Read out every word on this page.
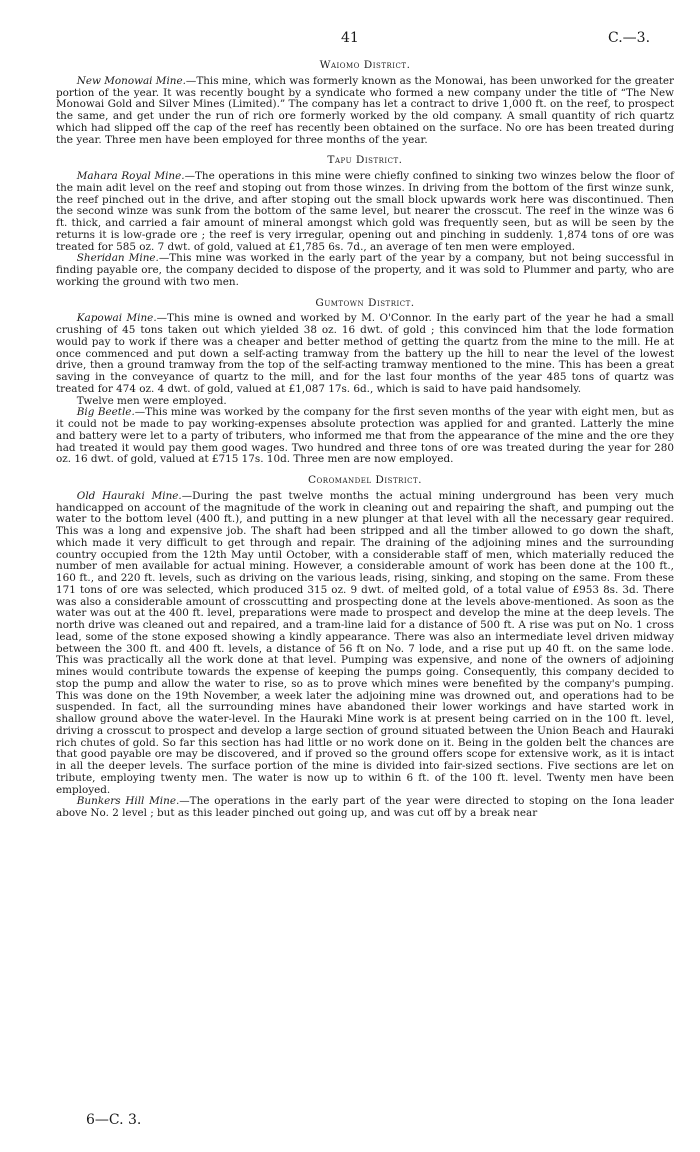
41	C.—3.
Waiomo District.

New Monowai Mine.—This mine, which was formerly known as the Monowai, has been unworked for the greater portion of the year. It was recently bought by a syndicate who formed a new company under the title of “The New Monowai Gold and Silver Mines (Limited).” The company has let a contract to drive 1,000 ft. on the reef, to prospect the same, and get under the run of rich ore formerly worked by the old company. A small quantity of rich quartz which had slipped off the cap of the reef has recently been obtained on the surface. No ore has been treated during the year. Three men have been employed for three months of the year.

Tapu District.

Mahara Royal Mine.—The operations in this mine were chiefly confined to sinking two winzes below the floor of the main adit level on the reef and stoping out from those winzes. In driving from the bottom of the first winze sunk, the reef pinched out in the drive, and after stoping out the small block upwards work here was discontinued. Then the second winze was sunk from the bottom of the same level, but nearer the crosscut. The reef in the winze was 6 ft. thick, and carried a fair amount of mineral amongst which gold was frequently seen, but as will be seen by the returns it is low-grade ore ; the reef is very irregular, opening out and pinching in suddenly. 1,874 tons of ore was treated for 585 oz. 7 dwt. of gold, valued at £1,785 6s. 7d., an average of ten men were employed.

Sheridan Mine.—This mine was worked in the early part of the year by a company, but not being successful in finding payable ore, the company decided to dispose of the property, and it was sold to Plummer and party, who are working the ground with two men.

Gumtown District.

Kapowai Mine.—This mine is owned and worked by M. O'Connor. In the early part of the year he had a small crushing of 45 tons taken out which yielded 38 oz. 16 dwt. of gold ; this convinced him that the lode formation would pay to work if there was a cheaper and better method of getting the quartz from the mine to the mill. He at once commenced and put down a self-acting tramway from the battery up the hill to near the level of the lowest drive, then a ground tramway from the top of the self-acting tramway mentioned to the mine. This has been a great saving in the conveyance of quartz to the mill, and for the last four months of the year 485 tons of quartz was treated for 474 oz. 4 dwt. of gold, valued at £1,087 17s. 6d., which is said to have paid handsomely.

Twelve men were employed.

Big Beetle.—This mine was worked by the company for the first seven months of the year with eight men, but as it could not be made to pay working-expenses absolute protection was applied for and granted. Latterly the mine and battery were let to a party of tributers, who informed me that from the appearance of the mine and the ore they had treated it would pay them good wages. Two hundred and three tons of ore was treated during the year for 280 oz. 16 dwt. of gold, valued at £715 17s. 10d. Three men are now employed.

Coromandel District.

Old Hauraki Mine.—During the past twelve months the actual mining underground has been very much handicapped on account of the magnitude of the work in cleaning out and repairing the shaft, and pumping out the water to the bottom level (400 ft.), and putting in a new plunger at that level with all the necessary gear required. This was a long and expensive job. The shaft had been stripped and all the timber allowed to go down the shaft, which made it very difficult to get through and repair. The draining of the adjoining mines and the surrounding country occupied from the 12th May until October, with a considerable staff of men, which materially reduced the number of men available for actual mining. However, a considerable amount of work has been done at the 100 ft., 160 ft., and 220 ft. levels, such as driving on the various leads, rising, sinking, and stoping on the same. From these 171 tons of ore was selected, which produced 315 oz. 9 dwt. of melted gold, of a total value of £953 8s. 3d. There was also a considerable amount of crosscutting and prospecting done at the levels above-mentioned. As soon as the water was out at the 400 ft. level, preparations were made to prospect and develop the mine at the deep levels. The north drive was cleaned out and repaired, and a tram-line laid for a distance of 500 ft. A rise was put on No. 1 cross lead, some of the stone exposed showing a kindly appearance. There was also an intermediate level driven midway between the 300 ft. and 400 ft. levels, a distance of 56 ft on No. 7 lode, and a rise put up 40 ft. on the same lode. This was practically all the work done at that level. Pumping was expensive, and none of the owners of adjoining mines would contribute towards the expense of keeping the pumps going. Consequently, this company decided to stop the pump and allow the water to rise, so as to prove which mines were benefited by the company's pumping. This was done on the 19th November, a week later the adjoining mine was drowned out, and operations had to be suspended. In fact, all the surrounding mines have abandoned their lower workings and have started work in shallow ground above the water-level. In the Hauraki Mine work is at present being carried on in the 100 ft. level, driving a crosscut to prospect and develop a large section of ground situated between the Union Beach and Hauraki rich chutes of gold. So far this section has had little or no work done on it. Being in the golden belt the chances are that good payable ore may be discovered, and if proved so the ground offers scope for extensive work, as it is intact in all the deeper levels. The surface portion of the mine is divided into fair-sized sections. Five sections are let on tribute, employing twenty men. The water is now up to within 6 ft. of the 100 ft. level. Twenty men have been employed.

Bunkers Hill Mine.—The operations in the early part of the year were directed to stoping on the Iona leader above No. 2 level ; but as this leader pinched out going up, and was cut off by a break near

6—C. 3.
